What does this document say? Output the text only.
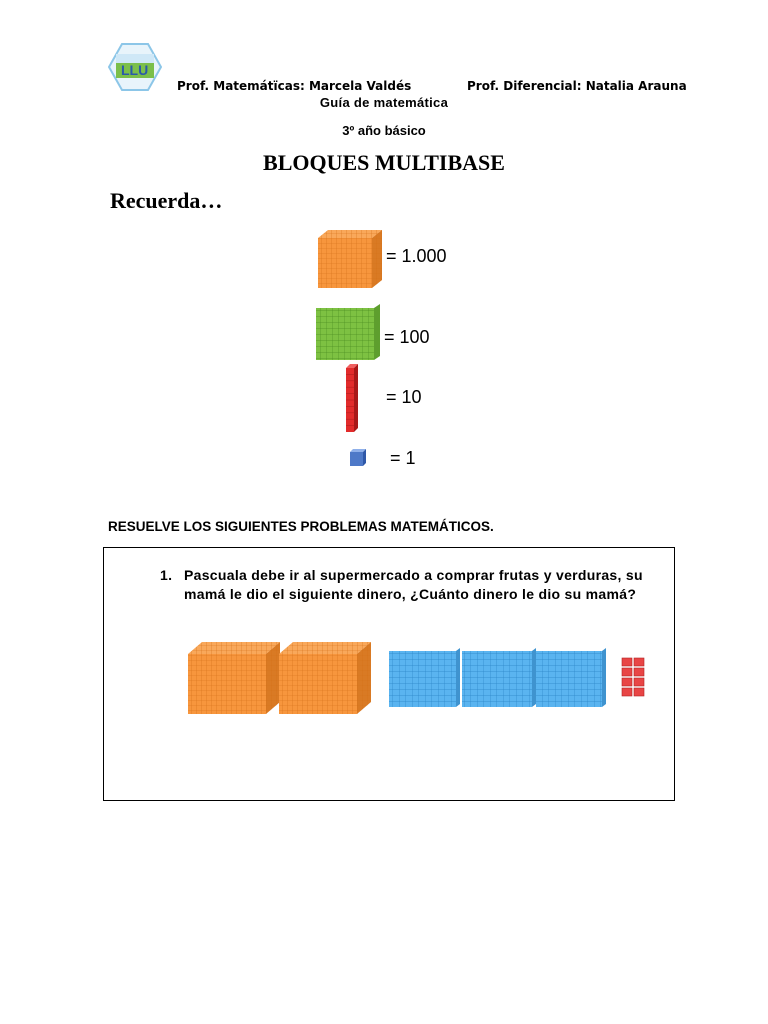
LLU
Prof. Matemátïcas: Marcela Valdés	Prof. Diferencial: Natalia Arauna
Guía de matemática
3º año básico
BLOQUES MULTIBASE
Recuerda…
= 1.000
= 100
= 10
= 1
RESUELVE LOS SIGUIENTES PROBLEMAS MATEMÁTICOS.
1. Pascuala debe ir al supermercado a comprar frutas y verduras, su mamá le dio el siguiente dinero, ¿Cuánto dinero le dio su mamá?
